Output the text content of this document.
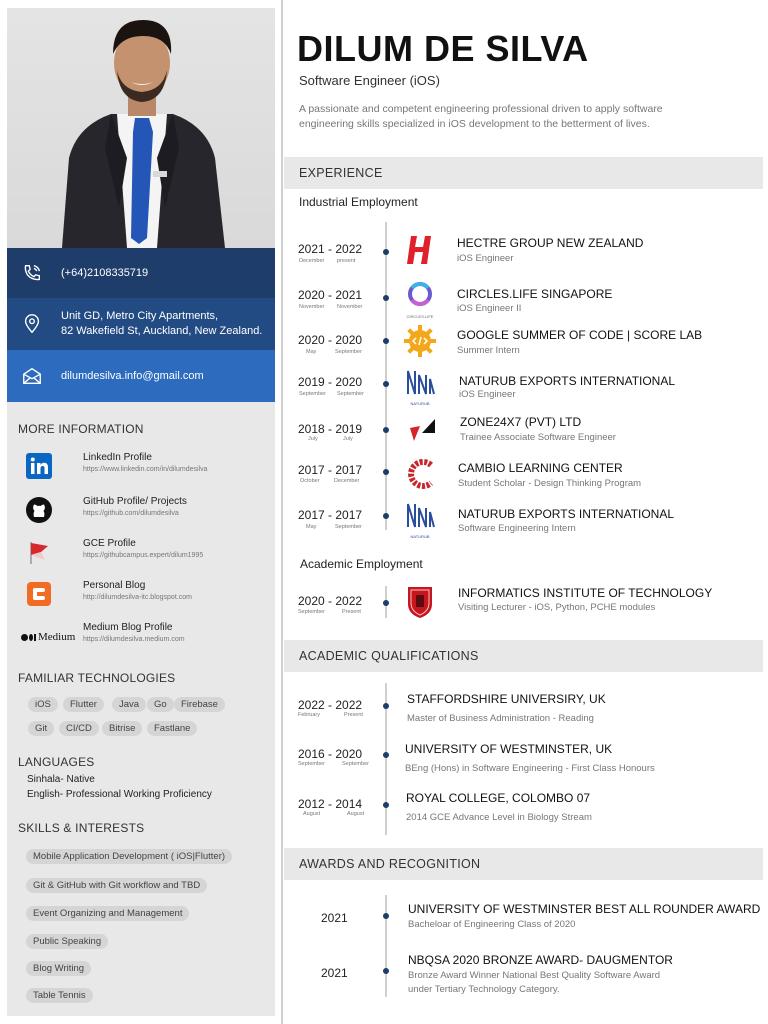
(+64)2108335719
Unit GD, Metro City Apartments,
82 Wakefield St, Auckland, New Zealand.
dilumdesilva.info@gmail.com
MORE INFORMATION
LinkedIn Profile
https://www.linkedin.com/in/dilumdesilva
GitHub Profile/ Projects
https://github.com/dilumdesilva
GCE Profile
https://githubcampus.expert/dilum1995
Personal Blog
http://dilumdesilva-itc.blogspot.com
Medium
Medium Blog Profile
https://dilumdesilva.medium.com
FAMILIAR TECHNOLOGIES
iOS	Flutter	Java	Go	Firebase
Git	CI/CD	Bitrise	Fastlane
LANGUAGES
Sinhala- Native
English- Professional Working Proficiency
SKILLS & INTERESTS
Mobile Application Development ( iOS|Flutter)
Git & GitHub with Git workflow and TBD
Event Organizing and Management
Public Speaking
Blog Writing
Table Tennis
DILUM DE SILVA
Software Engineer (iOS)
A passionate and competent engineering professional driven to apply software engineering skills specialized in iOS development to the betterment of lives.
EXPERIENCE
Industrial Employment
2021 - 2022
December present
HECTRE GROUP NEW ZEALAND
iOS Engineer
2020 - 2021
November November
CIRCLES.LIFE
CIRCLES.LIFE SINGAPORE
iOS Engineer II
2020 - 2020
May	September
GOOGLE SUMMER OF CODE | SCORE LAB
Summer Intern
2019 - 2020
September September
NATURUB
NATURUB EXPORTS INTERNATIONAL
iOS Engineer
2018 - 2019
July	July
ZONE24X7 (PVT) LTD
Trainee Associate Software Engineer
2017 - 2017
October	December
CAMBIO LEARNING CENTER
Student Scholar - Design Thinking Program
2017 - 2017
May	September
NATURUB
NATURUB EXPORTS INTERNATIONAL
Software Engineering Intern
Academic Employment
2020 - 2022
September	Present
INFORMATICS INSTITUTE OF TECHNOLOGY
Visiting Lecturer - iOS, Python, PCHE modules
ACADEMIC QUALIFICATIONS
2022 - 2022
February	Present
STAFFORDSHIRE UNIVERSIRY, UK
Master of Business Administration - Reading
2016 - 2020
September	September
UNIVERSITY OF WESTMINSTER, UK
BEng (Hons) in Software Engineering - First Class Honours
2012 - 2014
August	August
ROYAL COLLEGE, COLOMBO 07
2014 GCE Advance Level in Biology Stream
AWARDS AND RECOGNITION
2021
UNIVERSITY OF WESTMINSTER BEST ALL ROUNDER AWARD
Bacheloar of Engineering Class of 2020
2021
NBQSA 2020 BRONZE AWARD- DAUGMENTOR
Bronze Award Winner National Best Quality Software Award
under Tertiary Technology Category.
